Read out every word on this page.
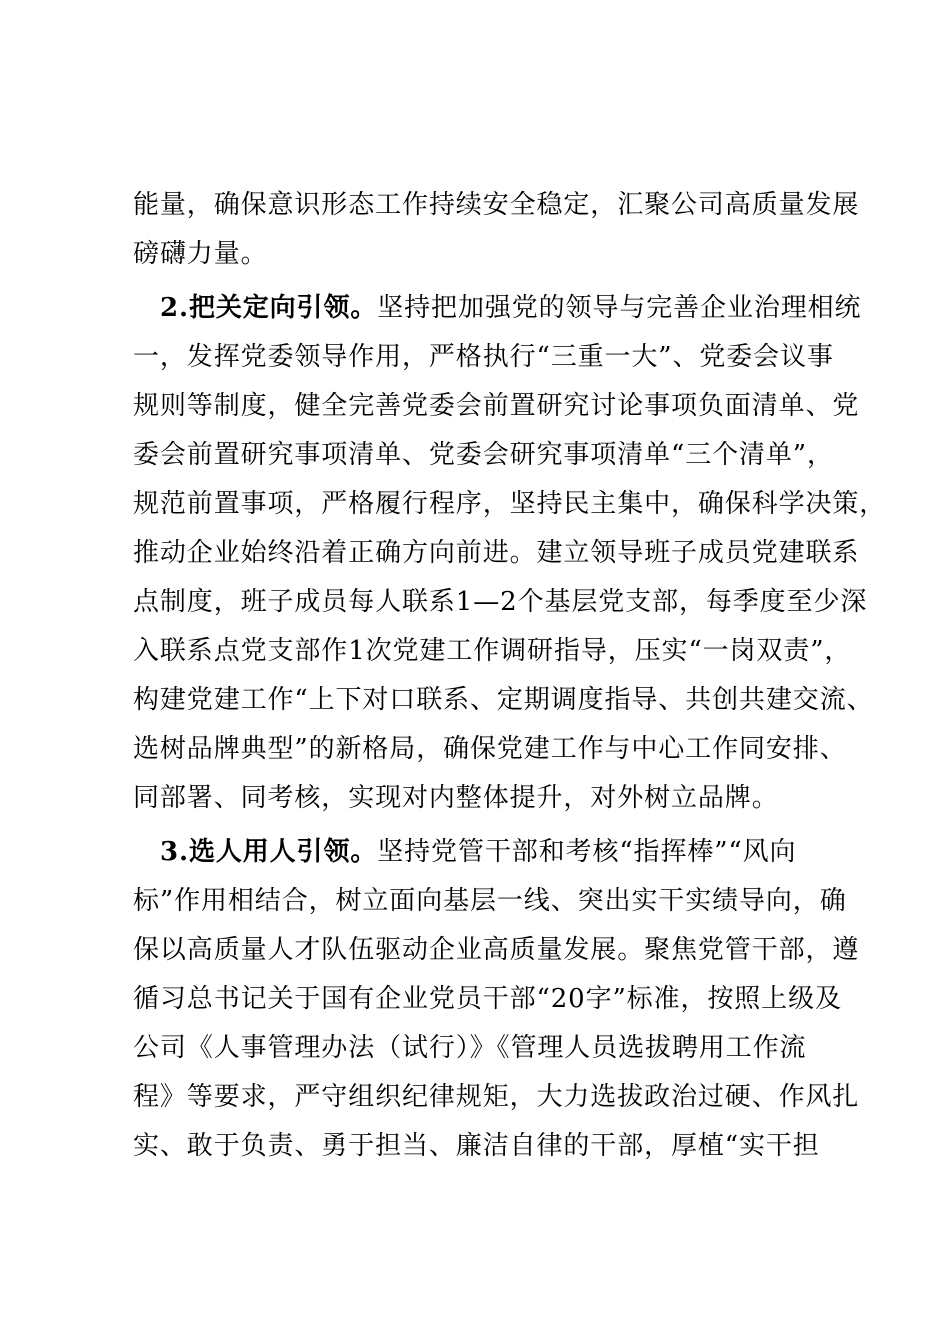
能量，确保意识形态工作持续安全稳定，汇聚公司高质量发展
磅礴力量。
2.把关定向引领。坚持把加强党的领导与完善企业治理相统
一，发挥党委领导作用，严格执行“三重一大”、党委会议事
规则等制度，健全完善党委会前置研究讨论事项负面清单、党
委会前置研究事项清单、党委会研究事项清单“三个清单”，
规范前置事项，严格履行程序，坚持民主集中，确保科学决策，
推动企业始终沿着正确方向前进。建立领导班子成员党建联系
点制度，班子成员每人联系1—2个基层党支部，每季度至少深
入联系点党支部作1次党建工作调研指导，压实“一岗双责”，
构建党建工作“上下对口联系、定期调度指导、共创共建交流、
选树品牌典型”的新格局，确保党建工作与中心工作同安排、
同部署、同考核，实现对内整体提升，对外树立品牌。
3.选人用人引领。坚持党管干部和考核“指挥棒”“风向
标”作用相结合，树立面向基层一线、突出实干实绩导向，确
保以高质量人才队伍驱动企业高质量发展。聚焦党管干部，遵
循习总书记关于国有企业党员干部“20字”标准，按照上级及
公司《人事管理办法（试行）》《管理人员选拔聘用工作流
程》等要求，严守组织纪律规矩，大力选拔政治过硬、作风扎
实、敢于负责、勇于担当、廉洁自律的干部，厚植“实干担
